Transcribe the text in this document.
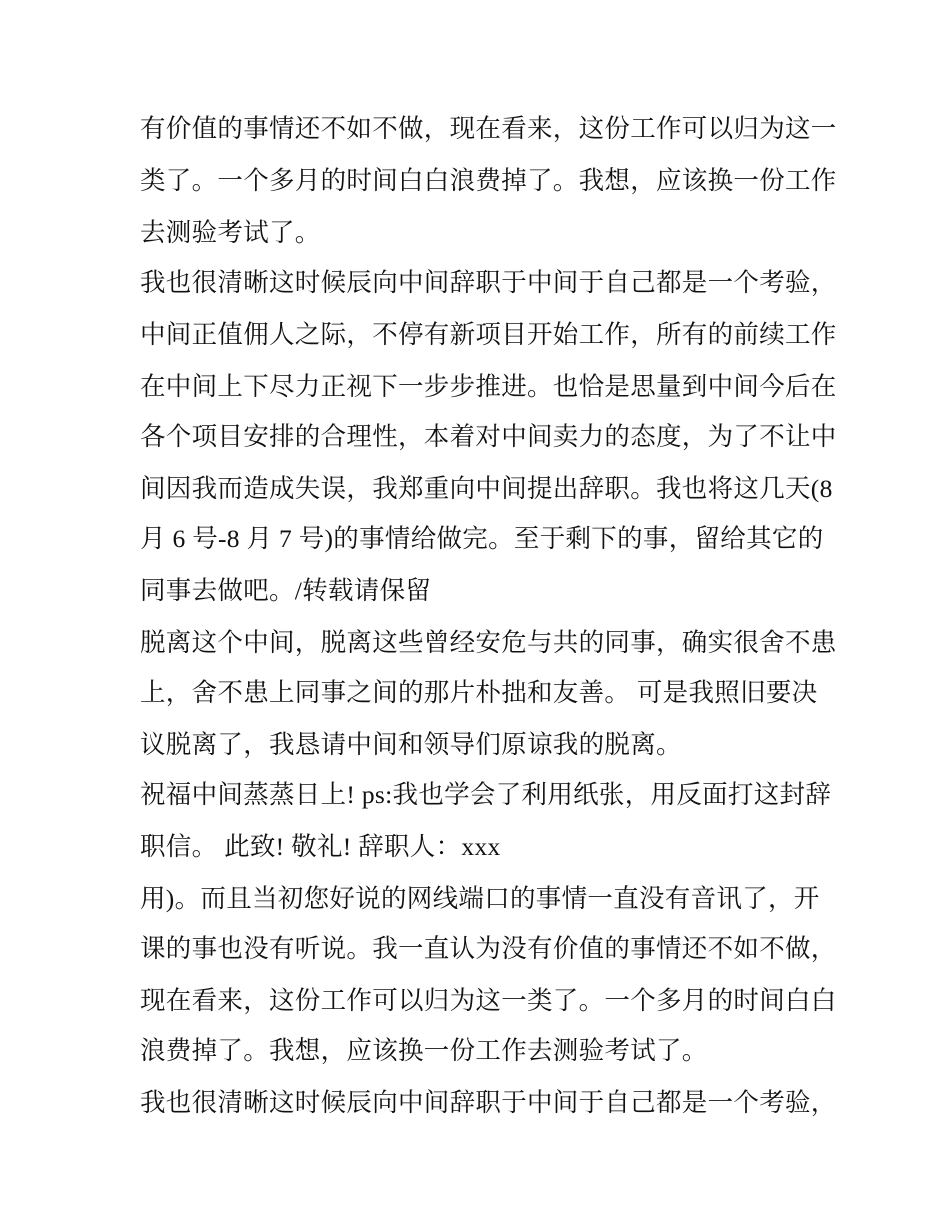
有价值的事情还不如不做，现在看来，这份工作可以归为这一
类了。一个多月的时间白白浪费掉了。我想，应该换一份工作
去测验考试了。
我也很清晰这时候辰向中间辞职于中间于自己都是一个考验，
中间正值佣人之际，不停有新项目开始工作，所有的前续工作
在中间上下尽力正视下一步步推进。也恰是思量到中间今后在
各个项目安排的合理性，本着对中间卖力的态度，为了不让中
间因我而造成失误，我郑重向中间提出辞职。我也将这几天(8
月 6 号-8 月 7 号)的事情给做完。至于剩下的事，留给其它的
同事去做吧。/转载请保留
脱离这个中间，脱离这些曾经安危与共的同事，确实很舍不患
上，舍不患上同事之间的那片朴拙和友善。 可是我照旧要决
议脱离了，我恳请中间和领导们原谅我的脱离。
祝福中间蒸蒸日上! ps:我也学会了利用纸张，用反面打这封辞
职信。 此致! 敬礼! 辞职人：xxx
用)。而且当初您好说的网线端口的事情一直没有音讯了，开
课的事也没有听说。我一直认为没有价值的事情还不如不做，
现在看来，这份工作可以归为这一类了。一个多月的时间白白
浪费掉了。我想，应该换一份工作去测验考试了。
我也很清晰这时候辰向中间辞职于中间于自己都是一个考验，
